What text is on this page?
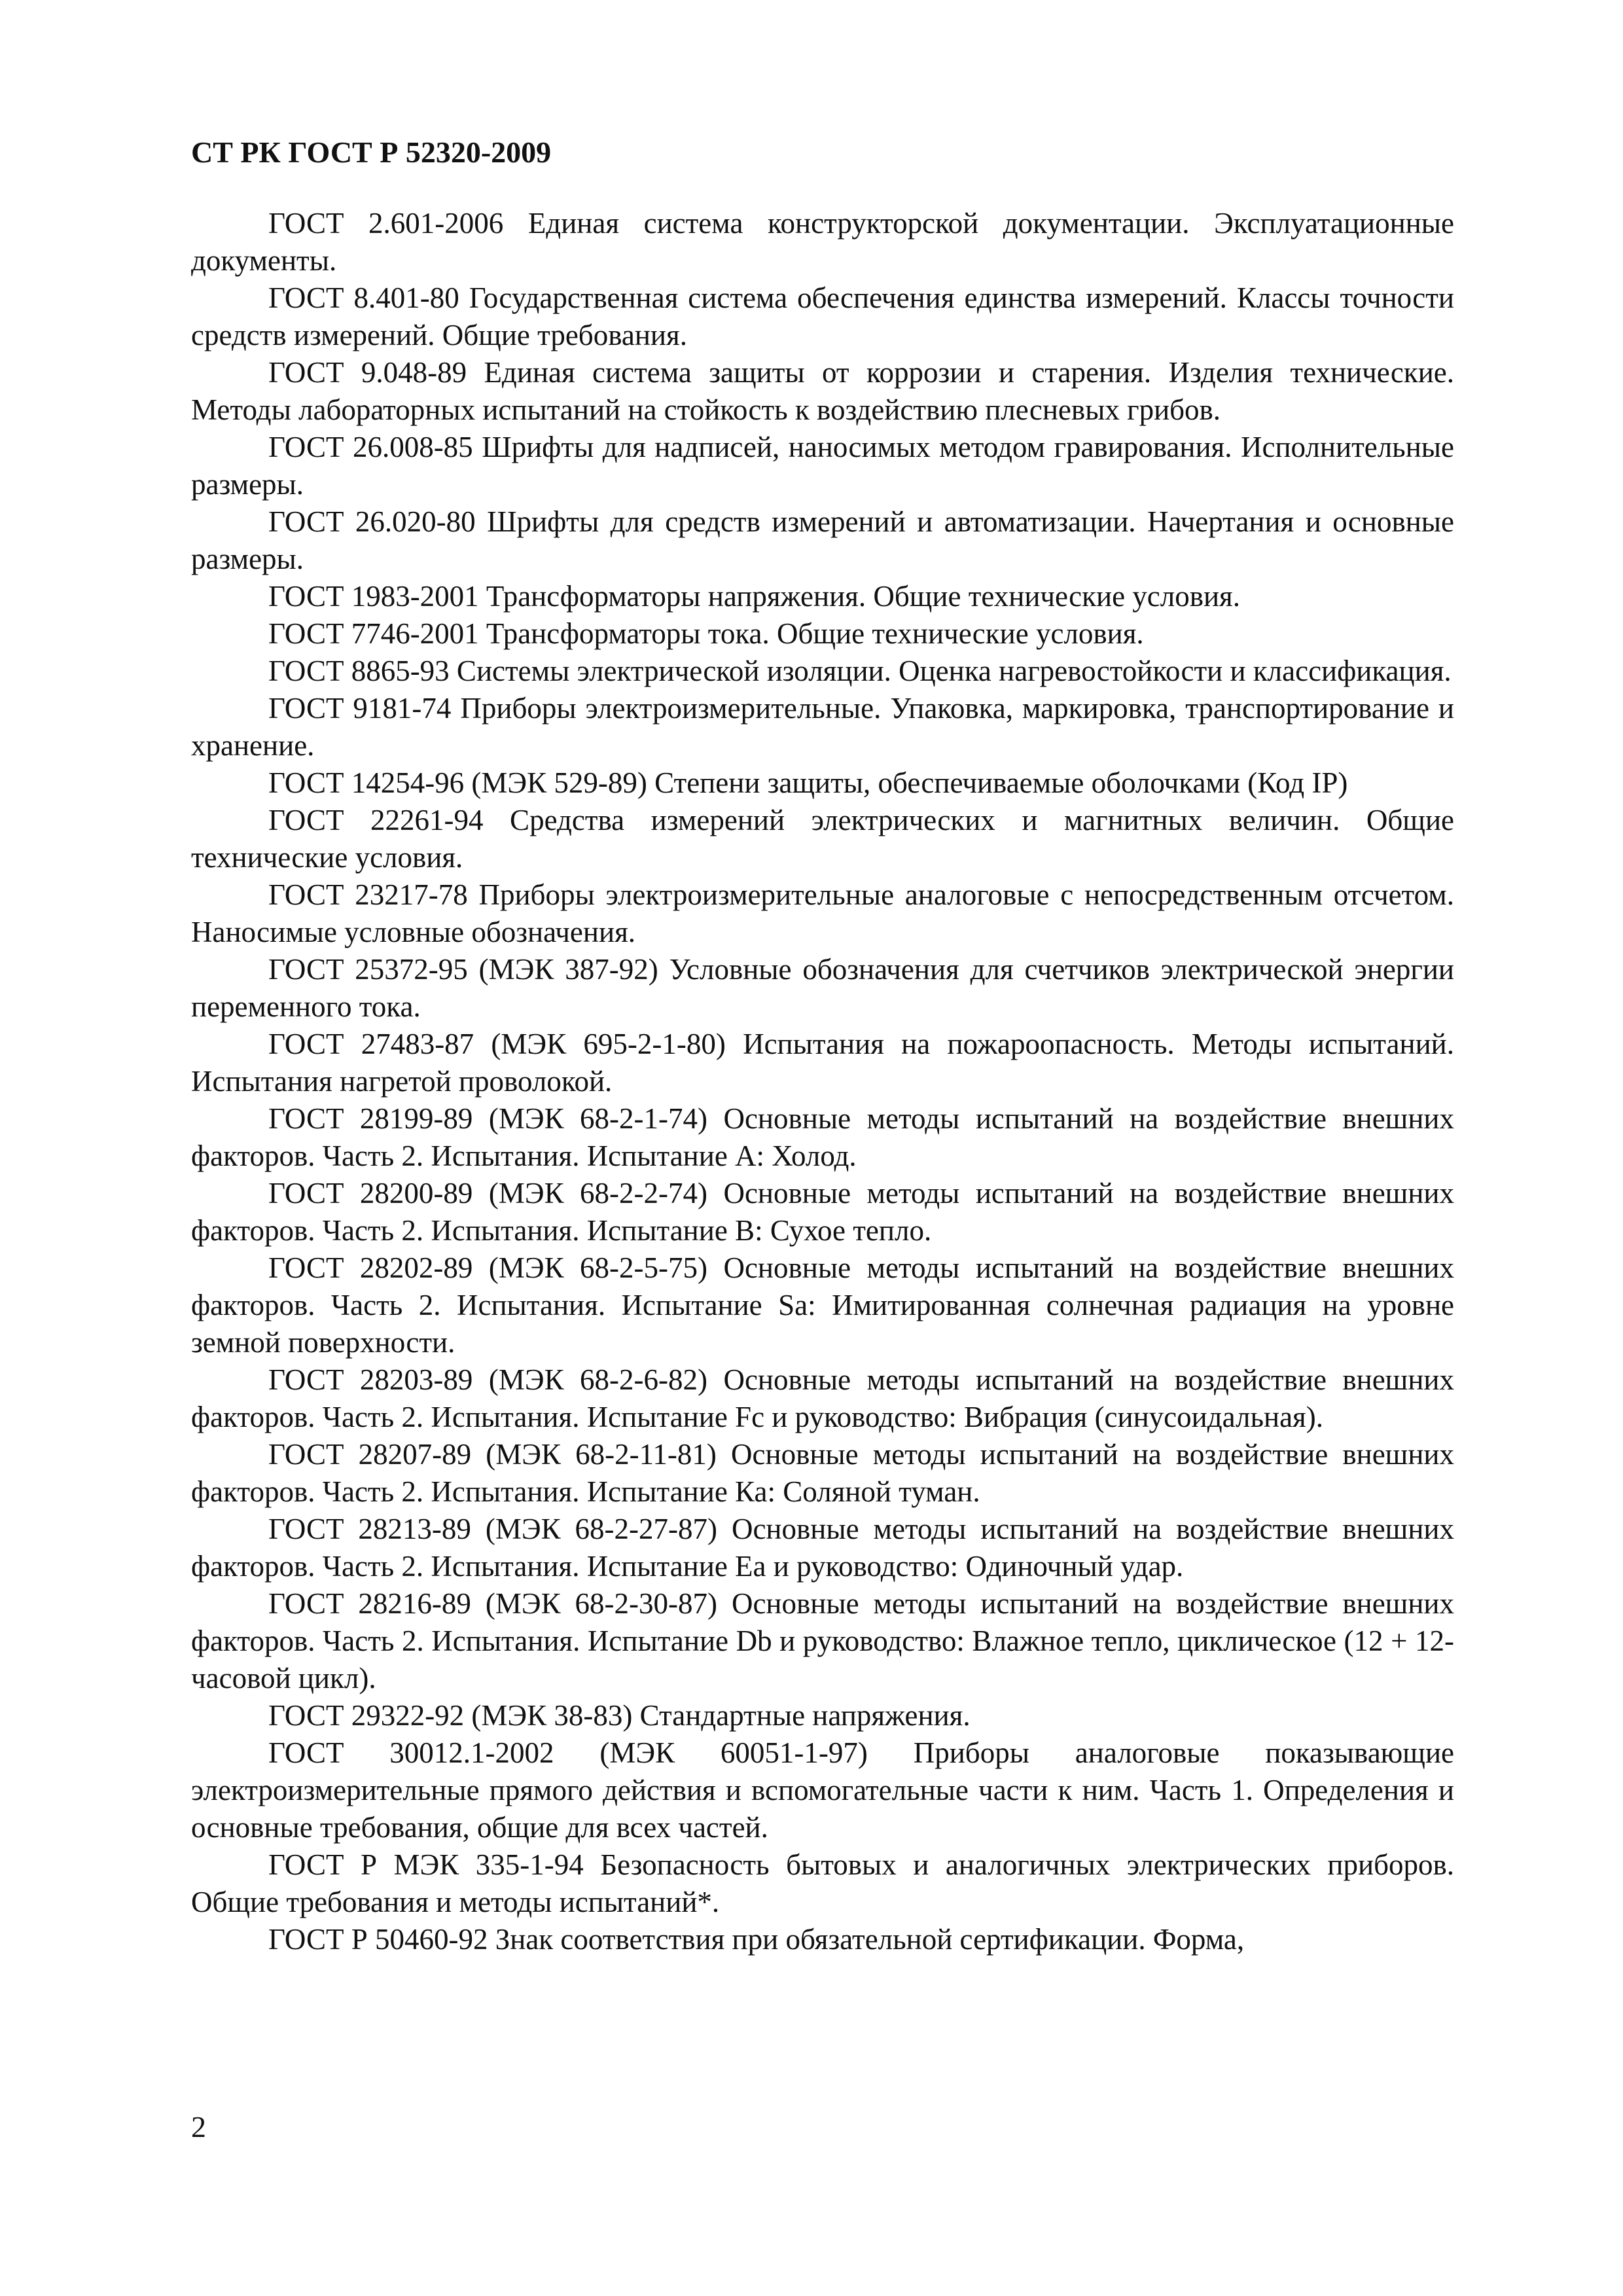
СТ РК ГОСТ Р 52320-2009

ГОСТ 2.601-2006 Единая система конструкторской документации. Эксплуатационные документы.

ГОСТ 8.401-80 Государственная система обеспечения единства измерений. Классы точности средств измерений. Общие требования.

ГОСТ 9.048-89 Единая система защиты от коррозии и старения. Изделия технические. Методы лабораторных испытаний на стойкость к воздействию плесневых грибов.

ГОСТ 26.008-85 Шрифты для надписей, наносимых методом гравирования. Исполнительные размеры.

ГОСТ 26.020-80 Шрифты для средств измерений и автоматизации. Начертания и основные размеры.

ГОСТ 1983-2001 Трансформаторы напряжения. Общие технические условия.

ГОСТ 7746-2001 Трансформаторы тока. Общие технические условия.

ГОСТ 8865-93 Системы электрической изоляции. Оценка нагревостойкости и классификация.

ГОСТ 9181-74 Приборы электроизмерительные. Упаковка, маркировка, транспортирование и хранение.

ГОСТ 14254-96 (МЭК 529-89) Степени защиты, обеспечиваемые оболочками (Код IP)

ГОСТ 22261-94 Средства измерений электрических и магнитных величин. Общие технические условия.

ГОСТ 23217-78 Приборы электроизмерительные аналоговые с непосредственным отсчетом. Наносимые условные обозначения.

ГОСТ 25372-95 (МЭК 387-92) Условные обозначения для счетчиков электрической энергии переменного тока.

ГОСТ 27483-87 (МЭК 695-2-1-80) Испытания на пожароопасность. Методы испытаний. Испытания нагретой проволокой.

ГОСТ 28199-89 (МЭК 68-2-1-74) Основные методы испытаний на воздействие внешних факторов. Часть 2. Испытания. Испытание А: Холод.

ГОСТ 28200-89 (МЭК 68-2-2-74) Основные методы испытаний на воздействие внешних факторов. Часть 2. Испытания. Испытание В: Сухое тепло.

ГОСТ 28202-89 (МЭК 68-2-5-75) Основные методы испытаний на воздействие внешних факторов. Часть 2. Испытания. Испытание Sa: Имитированная солнечная радиация на уровне земной поверхности.

ГОСТ 28203-89 (МЭК 68-2-6-82) Основные методы испытаний на воздействие внешних факторов. Часть 2. Испытания. Испытание Fc и руководство: Вибрация (синусоидальная).

ГОСТ 28207-89 (МЭК 68-2-11-81) Основные методы испытаний на воздействие внешних факторов. Часть 2. Испытания. Испытание Ка: Соляной туман.

ГОСТ 28213-89 (МЭК 68-2-27-87) Основные методы испытаний на воздействие внешних факторов. Часть 2. Испытания. Испытание Еа и руководство: Одиночный удар.

ГОСТ 28216-89 (МЭК 68-2-30-87) Основные методы испытаний на воздействие внешних факторов. Часть 2. Испытания. Испытание Db и руководство: Влажное тепло, циклическое (12 + 12-часовой цикл).

ГОСТ 29322-92 (МЭК 38-83) Стандартные напряжения.

ГОСТ 30012.1-2002 (МЭК 60051-1-97) Приборы аналоговые показывающие электроизмерительные прямого действия и вспомогательные части к ним. Часть 1. Определения и основные требования, общие для всех частей.

ГОСТ Р МЭК 335-1-94 Безопасность бытовых и аналогичных электрических приборов. Общие требования и методы испытаний*.

ГОСТ Р 50460-92 Знак соответствия при обязательной сертификации. Форма,

2
